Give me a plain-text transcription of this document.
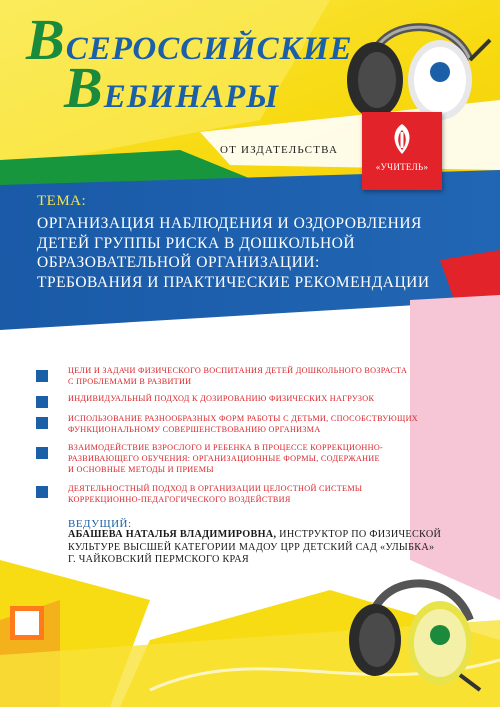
ВСЕРОССИЙСКИЕ
ВЕБИНАРЫ
ОТ ИЗДАТЕЛЬСТВА
«УЧИТЕЛЬ»
ТЕМА:
ОРГАНИЗАЦИЯ НАБЛЮДЕНИЯ И ОЗДОРОВЛЕНИЯ
ДЕТЕЙ ГРУППЫ РИСКА В ДОШКОЛЬНОЙ
ОБРАЗОВАТЕЛЬНОЙ ОРГАНИЗАЦИИ:
ТРЕБОВАНИЯ И ПРАКТИЧЕСКИЕ РЕКОМЕНДАЦИИ
ЦЕЛИ И ЗАДАЧИ ФИЗИЧЕСКОГО ВОСПИТАНИЯ ДЕТЕЙ ДОШКОЛЬНОГО ВОЗРАСТА
С ПРОБЛЕМАМИ В РАЗВИТИИ
ИНДИВИДУАЛЬНЫЙ ПОДХОД К ДОЗИРОВАНИЮ ФИЗИЧЕСКИХ НАГРУЗОК
ИСПОЛЬЗОВАНИЕ РАЗНООБРАЗНЫХ ФОРМ РАБОТЫ С ДЕТЬМИ, СПОСОБСТВУЮЩИХ
ФУНКЦИОНАЛЬНОМУ СОВЕРШЕНСТВОВАНИЮ ОРГАНИЗМА
ВЗАИМОДЕЙСТВИЕ ВЗРОСЛОГО И РЕБЕНКА В ПРОЦЕССЕ КОРРЕКЦИОННО-
РАЗВИВАЮЩЕГО ОБУЧЕНИЯ: ОРГАНИЗАЦИОННЫЕ ФОРМЫ, СОДЕРЖАНИЕ
И ОСНОВНЫЕ МЕТОДЫ И ПРИЕМЫ
ДЕЯТЕЛЬНОСТНЫЙ ПОДХОД В ОРГАНИЗАЦИИ ЦЕЛОСТНОЙ СИСТЕМЫ
КОРРЕКЦИОННО-ПЕДАГОГИЧЕСКОГО ВОЗДЕЙСТВИЯ
ВЕДУЩИЙ:
АБАШЕВА НАТАЛЬЯ ВЛАДИМИРОВНА, ИНСТРУКТОР ПО ФИЗИЧЕСКОЙ
КУЛЬТУРЕ ВЫСШЕЙ КАТЕГОРИИ МАДОУ ЦРР ДЕТСКИЙ САД «УЛЫБКА»
Г. ЧАЙКОВСКИЙ ПЕРМСКОГО КРАЯ
